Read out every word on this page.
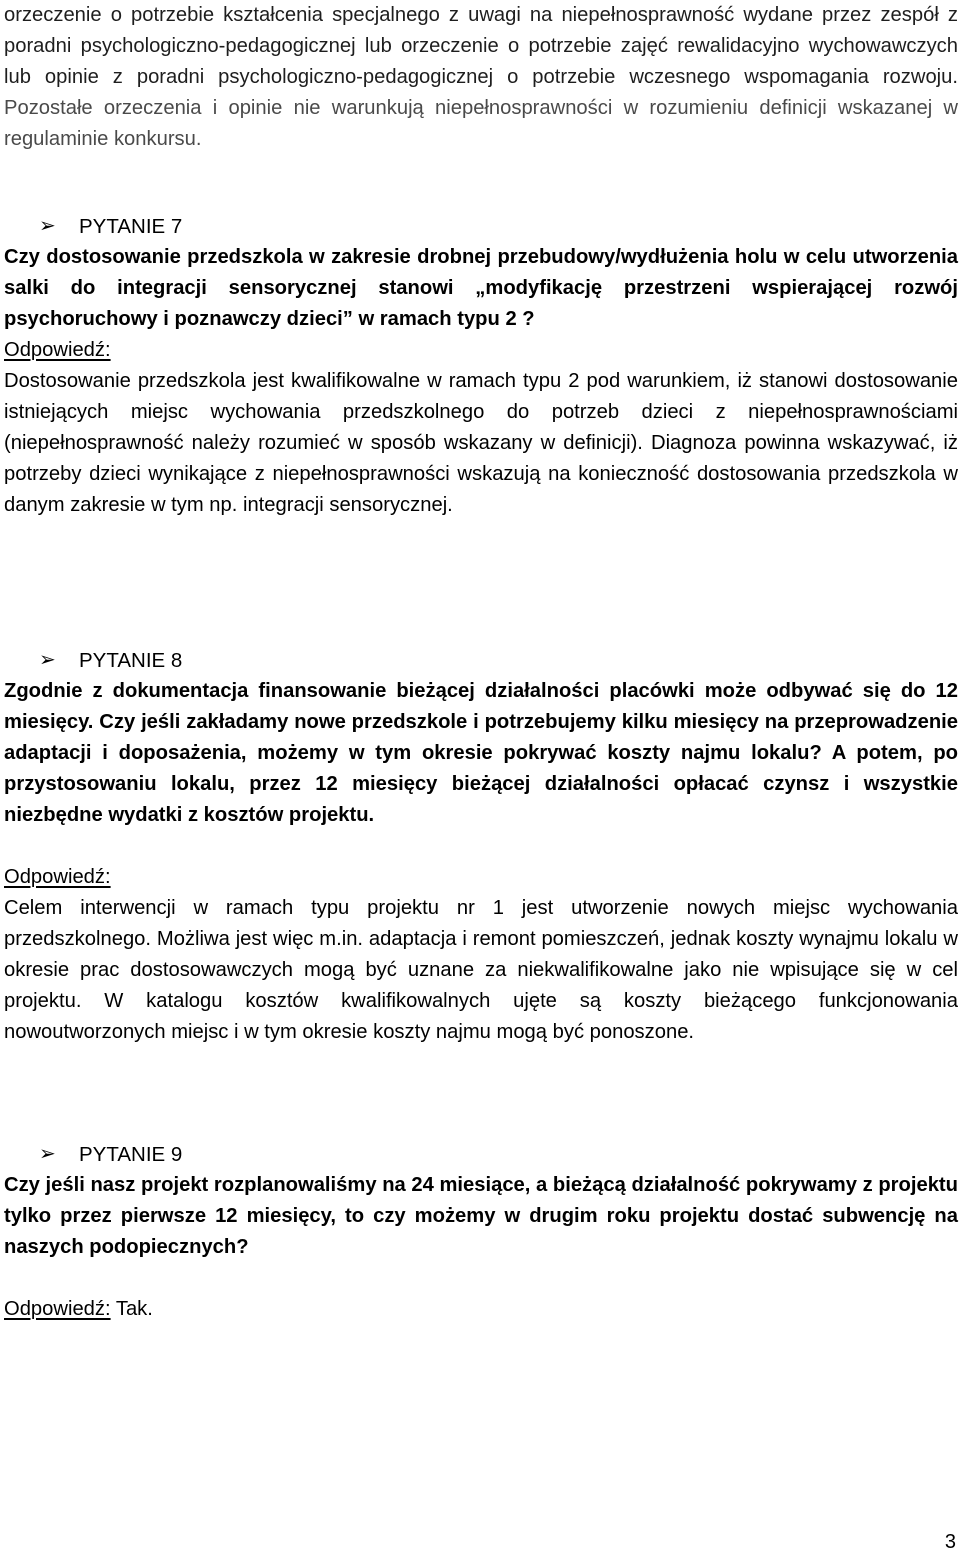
orzeczenie o potrzebie kształcenia specjalnego z uwagi na niepełnosprawność wydane przez zespół z poradni psychologiczno-pedagogicznej lub orzeczenie o potrzebie zajęć rewalidacyjno wychowawczych lub opinie z poradni psychologiczno-pedagogicznej o potrzebie wczesnego wspomagania rozwoju. Pozostałe orzeczenia i opinie nie warunkują niepełnosprawności w rozumieniu definicji wskazanej w regulaminie konkursu.
➢ PYTANIE 7

Czy dostosowanie przedszkola w zakresie drobnej przebudowy/wydłużenia holu w celu utworzenia salki do integracji sensorycznej stanowi „modyfikację przestrzeni wspierającej rozwój psychoruchowy i poznawczy dzieci” w ramach typu 2 ?

Odpowiedź:

Dostosowanie przedszkola jest kwalifikowalne w ramach typu 2 pod warunkiem, iż stanowi dostosowanie istniejących miejsc wychowania przedszkolnego do potrzeb dzieci z niepełnosprawnościami (niepełnosprawność należy rozumieć w sposób wskazany w definicji). Diagnoza powinna wskazywać, iż potrzeby dzieci wynikające z niepełnosprawności wskazują na konieczność dostosowania przedszkola w danym zakresie w tym np. integracji sensorycznej.

➢ PYTANIE 8

Zgodnie z dokumentacja finansowanie bieżącej działalności placówki może odbywać się do 12 miesięcy. Czy jeśli zakładamy nowe przedszkole i potrzebujemy kilku miesięcy na przeprowadzenie adaptacji i doposażenia, możemy w tym okresie pokrywać koszty najmu lokalu? A potem, po przystosowaniu lokalu, przez 12 miesięcy bieżącej działalności opłacać czynsz i wszystkie niezbędne wydatki z kosztów projektu.

Odpowiedź:

Celem interwencji w ramach typu projektu nr 1 jest utworzenie nowych miejsc wychowania przedszkolnego. Możliwa jest więc m.in. adaptacja i remont pomieszczeń, jednak koszty wynajmu lokalu w okresie prac dostosowawczych mogą być uznane za niekwalifikowalne jako nie wpisujące się w cel projektu. W katalogu kosztów kwalifikowalnych ujęte są koszty bieżącego funkcjonowania nowoutworzonych miejsc i w tym okresie koszty najmu mogą być ponoszone.

➢ PYTANIE 9

Czy jeśli nasz projekt rozplanowaliśmy na 24 miesiące, a bieżącą działalność pokrywamy z projektu tylko przez pierwsze 12 miesięcy, to czy możemy w drugim roku projektu dostać subwencję na naszych podopiecznych?

Odpowiedź: Tak.
3
